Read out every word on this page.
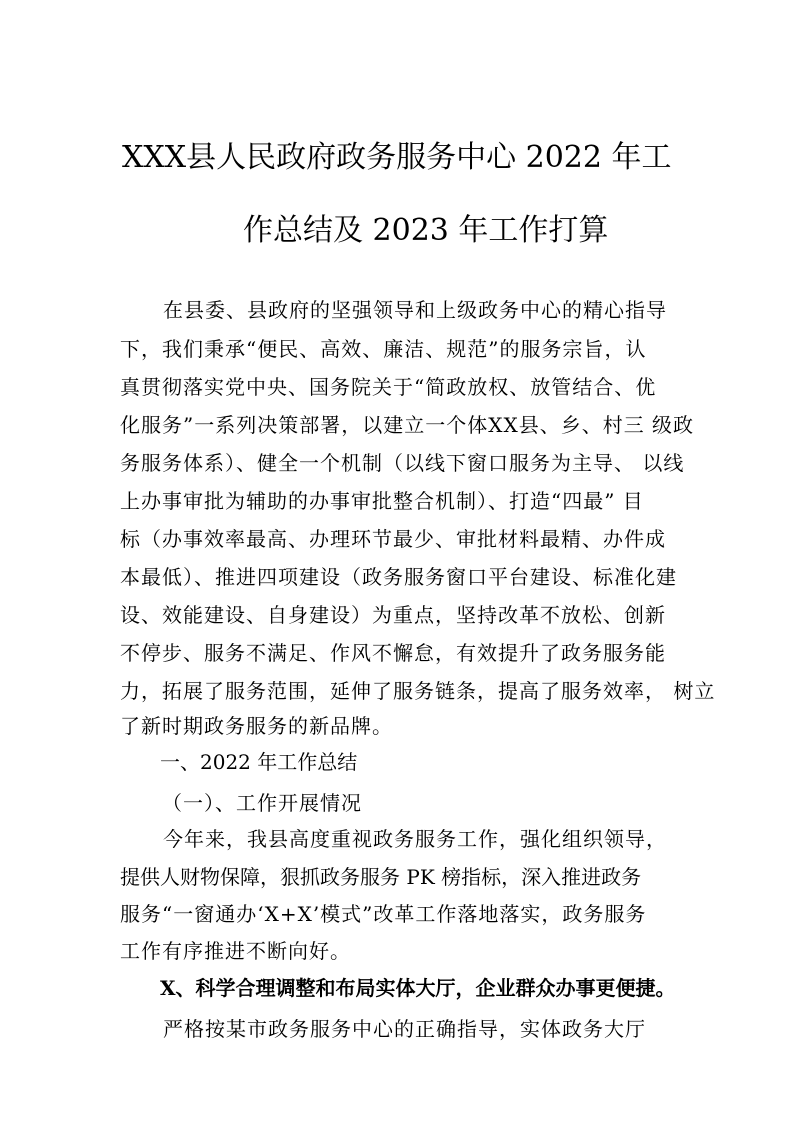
XXX县人民政府政务服务中心 2022 年工
作总结及 2023 年工作打算
在县委、县政府的坚强领导和上级政务中心的精心指导
下，我们秉承“便民、高效、廉洁、规范”的服务宗旨，认
真贯彻落实党中央、国务院关于“简政放权、放管结合、优
化服务”一系列决策部署，以建立一个体XX县、乡、村三 级政
务服务体系）、健全一个机制（以线下窗口服务为主导、 以线
上办事审批为辅助的办事审批整合机制）、打造“四最” 目
标（办事效率最高、办理环节最少、审批材料最精、办件成
本最低）、推进四项建设（政务服务窗口平台建设、标准化建
设、效能建设、自身建设）为重点，坚持改革不放松、创新
不停步、服务不满足、作风不懈怠，有效提升了政务服务能
力，拓展了服务范围，延伸了服务链条，提高了服务效率， 树立
了新时期政务服务的新品牌。
一、2022 年工作总结
（一）、工作开展情况
今年来，我县高度重视政务服务工作，强化组织领导，
提供人财物保障，狠抓政务服务 PK 榜指标，深入推进政务
服务“一窗通办‘X+X’模式”改革工作落地落实，政务服务
工作有序推进不断向好。
X、科学合理调整和布局实体大厅，企业群众办事更便捷。
严格按某市政务服务中心的正确指导，实体政务大厅
